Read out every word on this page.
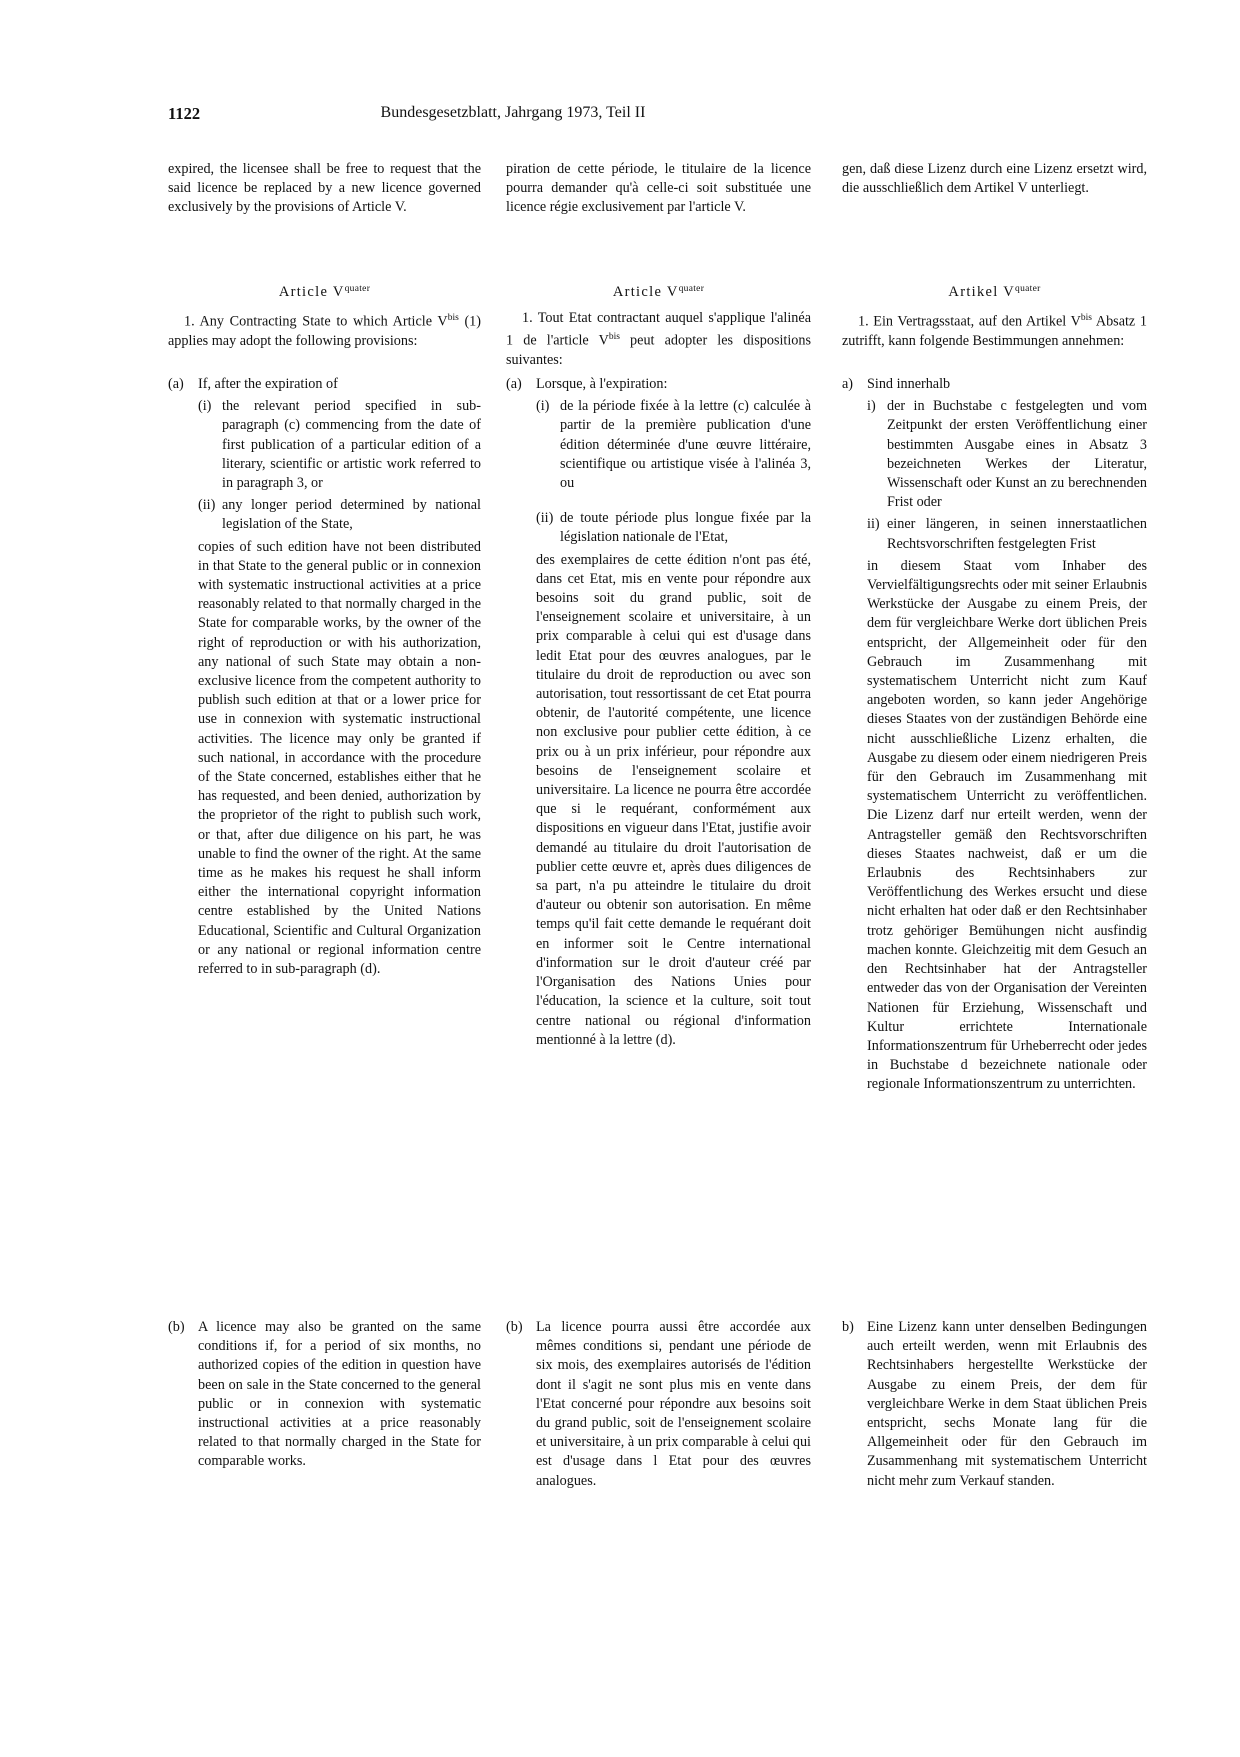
1122	Bundesgesetzblatt, Jahrgang 1973, Teil II
expired, the licensee shall be free to request that the said licence be replaced by a new licence governed exclusively by the provisions of Article V.
Article $V^{quater}$
1. Any Contracting State to which Article $V^{bis}$ (1) applies may adopt the following provisions:
(a)	If, after the expiration of
(i) the relevant period specified in sub-paragraph (c) commencing from the date of first publication of a particular edition of a literary, scientific or artistic work referred to in paragraph 3, or
(ii) any longer period determined by national legislation of the State,
copies of such edition have not been distributed in that State to the general public or in connexion with systematic instructional activities at a price reasonably related to that normally charged in the State for comparable works, by the owner of the right of reproduction or with his authorization, any national of such State may obtain a non-exclusive licence from the competent authority to publish such edition at that or a lower price for use in connexion with systematic instructional activities. The licence may only be granted if such national, in accordance with the procedure of the State concerned, establishes either that he has requested, and been denied, authorization by the proprietor of the right to publish such work, or that, after due diligence on his part, he was unable to find the owner of the right. At the same time as he makes his request he shall inform either the international copyright information centre established by the United Nations Educational, Scientific and Cultural Organization or any national or regional information centre referred to in sub-paragraph (d).
(b) A licence may also be granted on the same conditions if, for a period of six months, no authorized copies of the edition in question have been on sale in the State concerned to the general public or in connexion with systematic instructional activities at a price reasonably related to that normally charged in the State for comparable works.
piration de cette période, le titulaire de la licence pourra demander qu'à celle-ci soit substituée une licence régie exclusivement par l'article V.
Article $V^{quater}$
1. Tout Etat contractant auquel s'applique l'alinéa 1 de l'article $V^{bis}$ peut adopter les dispositions suivantes:
(a)	Lorsque, à l'expiration:
(i) de la période fixée à la lettre (c) calculée à partir de la première publication d'une édition déterminée d'une œuvre littéraire, scientifique ou artistique visée à l'alinéa 3, ou
(ii) de toute période plus longue fixée par la législation nationale de l'Etat,
des exemplaires de cette édition n'ont pas été, dans cet Etat, mis en vente pour répondre aux besoins soit du grand public, soit de l'enseignement scolaire et universitaire, à un prix comparable à celui qui est d'usage dans ledit Etat pour des œuvres analogues, par le titulaire du droit de reproduction ou avec son autorisation, tout ressortissant de cet Etat pourra obtenir, de l'autorité compétente, une licence non exclusive pour publier cette édition, à ce prix ou à un prix inférieur, pour répondre aux besoins de l'enseignement scolaire et universitaire. La licence ne pourra être accordée que si le requérant, conformément aux dispositions en vigueur dans l'Etat, justifie avoir demandé au titulaire du droit l'autorisation de publier cette œuvre et, après dues diligences de sa part, n'a pu atteindre le titulaire du droit d'auteur ou obtenir son autorisation. En même temps qu'il fait cette demande le requérant doit en informer soit le Centre international d'information sur le droit d'auteur créé par l'Organisation des Nations Unies pour l'éducation, la science et la culture, soit tout centre national ou régional d'information mentionné à la lettre (d).
(b) La licence pourra aussi être accordée aux mêmes conditions si, pendant une période de six mois, des exemplaires autorisés de l'édition dont il s'agit ne sont plus mis en vente dans l'Etat concerné pour répondre aux besoins soit du grand public, soit de l'enseignement scolaire et universitaire, à un prix comparable à celui qui est d'usage dans l Etat pour des œuvres analogues.
gen, daß diese Lizenz durch eine Lizenz ersetzt wird, die ausschließlich dem Artikel V unterliegt.
Artikel $V^{quater}$
1. Ein Vertragsstaat, auf den Artikel $V^{bis}$ Absatz 1 zutrifft, kann folgende Bestimmungen annehmen:
a) Sind innerhalb
i) der in Buchstabe c festgelegten und vom Zeitpunkt der ersten Veröffentlichung einer bestimmten Ausgabe eines in Absatz 3 bezeichneten Werkes der Literatur, Wissenschaft oder Kunst an zu berechnenden Frist oder
ii) einer längeren, in seinen innerstaatlichen Rechtsvorschriften festgelegten Frist
in diesem Staat vom Inhaber des Vervielfältigungsrechts oder mit seiner Erlaubnis Werkstücke der Ausgabe zu einem Preis, der dem für vergleichbare Werke dort üblichen Preis entspricht, der Allgemeinheit oder für den Gebrauch im Zusammenhang mit systematischem Unterricht nicht zum Kauf angeboten worden, so kann jeder Angehörige dieses Staates von der zuständigen Behörde eine nicht ausschließliche Lizenz erhalten, die Ausgabe zu diesem oder einem niedrigeren Preis für den Gebrauch im Zusammenhang mit systematischem Unterricht zu veröffentlichen. Die Lizenz darf nur erteilt werden, wenn der Antragsteller gemäß den Rechtsvorschriften dieses Staates nachweist, daß er um die Erlaubnis des Rechtsinhabers zur Veröffentlichung des Werkes ersucht und diese nicht erhalten hat oder daß er den Rechtsinhaber trotz gehöriger Bemühungen nicht ausfindig machen konnte. Gleichzeitig mit dem Gesuch an den Rechtsinhaber hat der Antragsteller entweder das von der Organisation der Vereinten Nationen für Erziehung, Wissenschaft und Kultur errichtete Internationale Informationszentrum für Urheberrecht oder jedes in Buchstabe d bezeichnete nationale oder regionale Informationszentrum zu unterrichten.
b) Eine Lizenz kann unter denselben Bedingungen auch erteilt werden, wenn mit Erlaubnis des Rechtsinhabers hergestellte Werkstücke der Ausgabe zu einem Preis, der dem für vergleichbare Werke in dem Staat üblichen Preis entspricht, sechs Monate lang für die Allgemeinheit oder für den Gebrauch im Zusammenhang mit systematischem Unterricht nicht mehr zum Verkauf standen.
